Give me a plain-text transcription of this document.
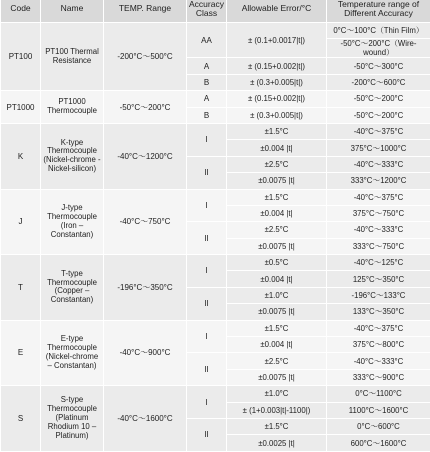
Code	Name	TEMP. Range	Accuracy Class	Allowable Error/°C	Temperature range of Different Accuracy
PT100	PT100 Thermal Resistance	-200°C～500°C	AA	± (0.1+0.0017|t|)	0°C～100°C（Thin Film）
					-50°C～200°C（Wire-wound）
			A	± (0.15+0.002|t|)	-50°C～300°C
			B	± (0.3+0.005|t|)	-200°C～600°C
PT1000	PT1000 Thermocouple	-50°C～200°C	A	± (0.15+0.002|t|)	-50°C～200°C
			B	± (0.3+0.005|t|)	-50°C～200°C
K	K-type Thermocouple (Nickel-chrome - Nickel-silicon)	-40°C～1200°C	I	±1.5°C	-40°C～375°C
				±0.004 |t|	375°C～1000°C
			II	±2.5°C	-40°C～333°C
				±0.0075 |t|	333°C～1200°C
J	J-type Thermocouple (Iron – Constantan)	-40°C～750°C	I	±1.5°C	-40°C～375°C
				±0.004 |t|	375°C～750°C
			II	±2.5°C	-40°C～333°C
				±0.0075 |t|	333°C～750°C
T	T-type Thermocouple (Copper – Constantan)	-196°C～350°C	I	±0.5°C	-40°C～125°C
				±0.004 |t|	125°C～350°C
			II	±1.0°C	-196°C～133°C
				±0.0075 |t|	133°C～350°C
E	E-type Thermocouple (Nickel-chrome – Constantan)	-40°C～900°C	I	±1.5°C	-40°C～375°C
				±0.004 |t|	375°C～800°C
			II	±2.5°C	-40°C～333°C
				±0.0075 |t|	333°C～900°C
S	S-type Thermocouple (Platinum Rhodium 10 – Platinum)	-40°C～1600°C	I	±1.0°C	0°C～1100°C
				± (1+0.003|t|-1100|)	1100°C～1600°C
			II	±1.5°C	0°C～600°C
				±0.0025 |t|	600°C～1600°C
